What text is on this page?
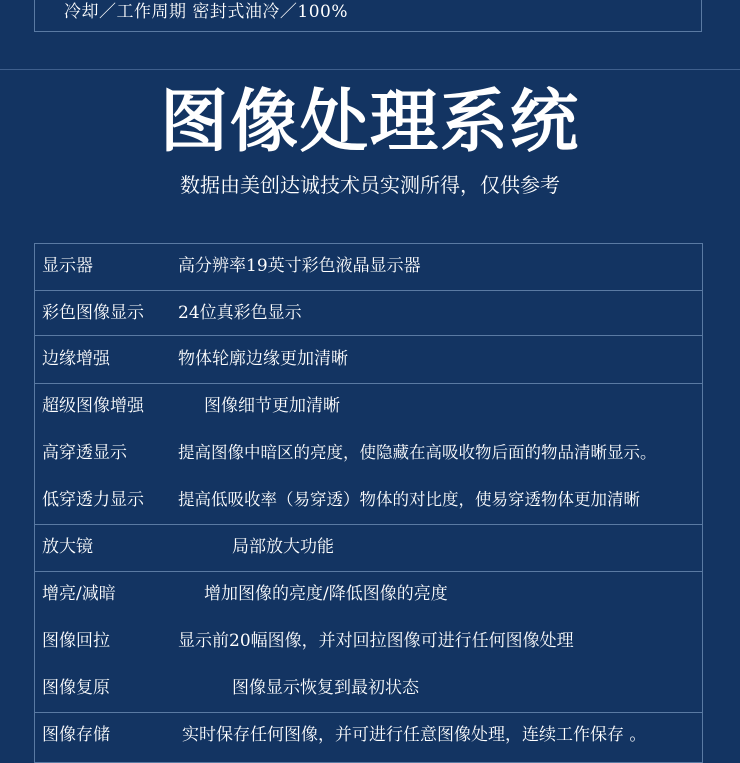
冷却／工作周期 密封式油冷／100%
图像处理系统
数据由美创达诚技术员实测所得，仅供参考
显示器	高分辨率19英寸彩色液晶显示器
彩色图像显示 24位真彩色显示
边缘增强	物体轮廓边缘更加清晰
超级图像增强	图像细节更加清晰
高穿透显示	提高图像中暗区的亮度，使隐藏在高吸收物后面的物品清晰显示。
低穿透力显示 提高低吸收率（易穿透）物体的对比度，使易穿透物体更加清晰
放大镜	局部放大功能
增亮/减暗	增加图像的亮度/降低图像的亮度
图像回拉	显示前20幅图像，并对回拉图像可进行任何图像处理
图像复原	图像显示恢复到最初状态
图像存储	实时保存任何图像，并可进行任意图像处理，连续工作保存 。
